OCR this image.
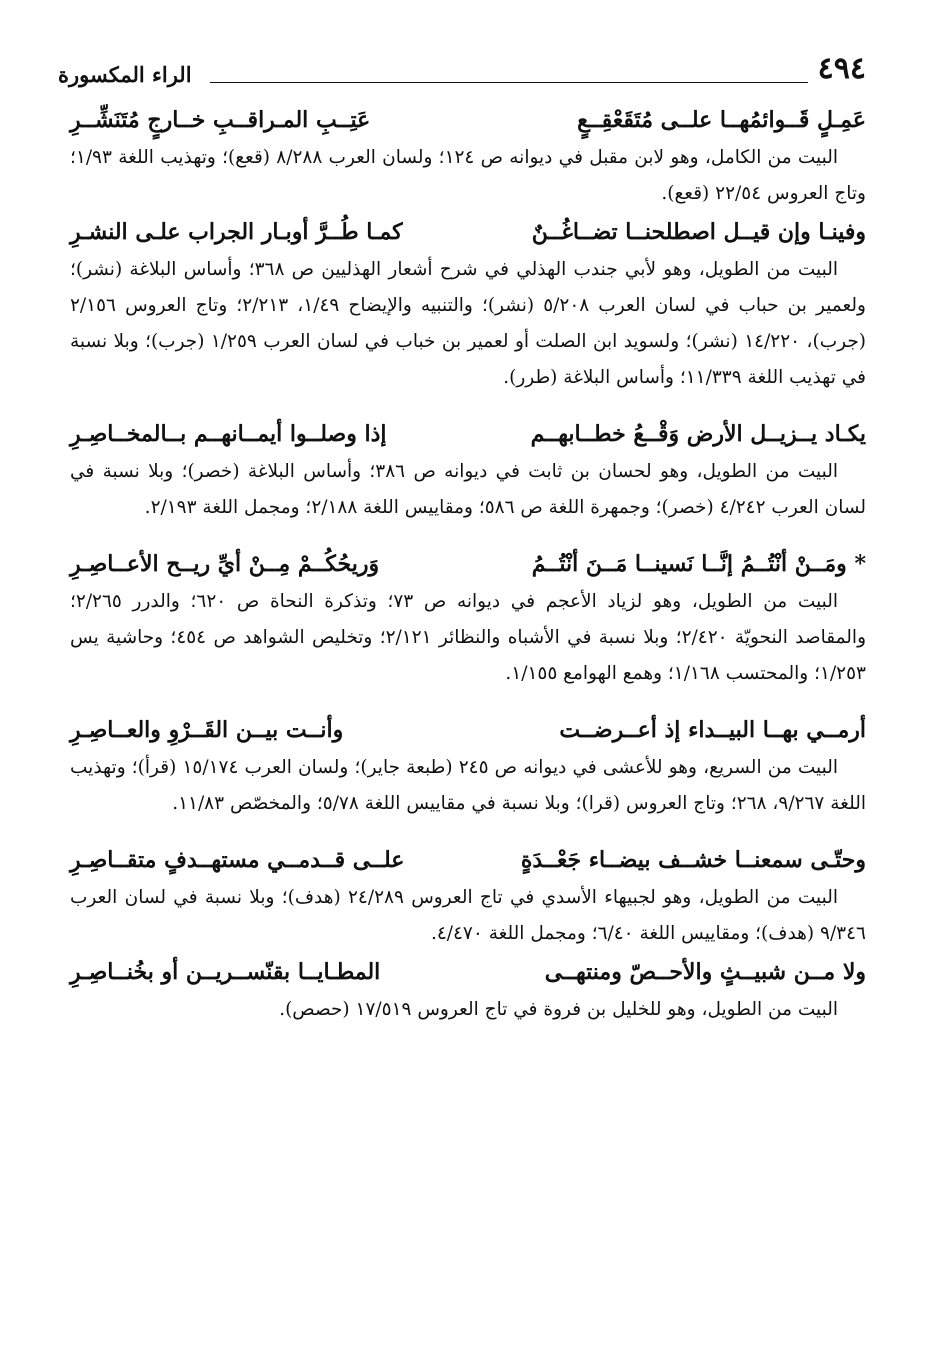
٤٩٤
الراء المكسورة
عَمِـلٍ قَــوائمُهــا علــى مُتَقَعْقِــعٍ
عَتِــبِ المـراقــبِ خــارجٍ مُتَنَشِّــرِ

البيت من الكامل، وهو لابن مقبل في ديوانه ص ١٢٤؛ ولسان العرب ٨/٢٨٨ (قعع)؛ وتهذيب اللغة ١/٩٣؛ وتاج العروس ٢٢/٥٤ (قعع).

وفينـا وإن قيــل اصطلحنــا تضــاغُــنٌ
كمـا طُــرَّ أوبـار الجراب علـى النشـرِ

البيت من الطويل، وهو لأبي جندب الهذلي في شرح أشعار الهذليين ص ٣٦٨؛ وأساس البلاغة (نشر)؛ ولعمير بن حباب في لسان العرب ٥/٢٠٨ (نشر)؛ والتنبيه والإيضاح ١/٤٩، ٢/٢١٣؛ وتاج العروس ٢/١٥٦ (جرب)، ١٤/٢٢٠ (نشر)؛ ولسويد ابن الصلت أو لعمير بن خباب في لسان العرب ١/٢٥٩ (جرب)؛ وبلا نسبة في تهذيب اللغة ١١/٣٣٩؛ وأساس البلاغة (طرر).

يكـاد يــزيــل الأرض وَقْــعُ خطــابهــم
إذا وصلــوا أيمــانهــم بــالمخــاصِـرِ

البيت من الطويل، وهو لحسان بن ثابت في ديوانه ص ٣٨٦؛ وأساس البلاغة (خصر)؛ وبلا نسبة في لسان العرب ٤/٢٤٢ (خصر)؛ وجمهرة اللغة ص ٥٨٦؛ ومقاييس اللغة ٢/١٨٨؛ ومجمل اللغة ٢/١٩٣.

* ومَــنْ أنْتُــمُ إنَّــا نَسينــا مَــنَ أنْتُــمُ
وَريحُكُــمْ مِــنْ أيِّ ريــح الأعــاصِـرِ

البيت من الطويل، وهو لزياد الأعجم في ديوانه ص ٧٣؛ وتذكرة النحاة ص ٦٢٠؛ والدرر ٢/٢٦٥؛ والمقاصد النحويّة ٢/٤٢٠؛ وبلا نسبة في الأشباه والنظائر ٢/١٢١؛ وتخليص الشواهد ص ٤٥٤؛ وحاشية يس ١/٢٥٣؛ والمحتسب ١/١٦٨؛ وهمع الهوامع ١/١٥٥.

أرمــي بهــا البيــداء إذ أعــرضــت
وأنــت بيــن القَــرْوِ والعــاصِـرِ

البيت من السريع، وهو للأعشى في ديوانه ص ٢٤٥ (طبعة جاير)؛ ولسان العرب ١٥/١٧٤ (قرأ)؛ وتهذيب اللغة ٩/٢٦٧، ٢٦٨؛ وتاج العروس (قرا)؛ وبلا نسبة في مقاييس اللغة ٥/٧٨؛ والمخصّص ١١/٨٣.

وحتّـى سمعنــا خشــف بيضــاء جَعْــدَةٍ
علــى قــدمــي مستهــدفٍ متقــاصِـرِ

البيت من الطويل، وهو لجبيهاء الأسدي في تاج العروس ٢٤/٢٨٩ (هدف)؛ وبلا نسبة في لسان العرب ٩/٣٤٦ (هدف)؛ ومقاييس اللغة ٦/٤٠؛ ومجمل اللغة ٤/٤٧٠.

ولا مــن شبيــثٍ والأحــصّ ومنتهــى
المطـايــا بقنّســريــن أو بخُنــاصِـرِ

البيت من الطويل، وهو للخليل بن فروة في تاج العروس ١٧/٥١٩ (حصص).
